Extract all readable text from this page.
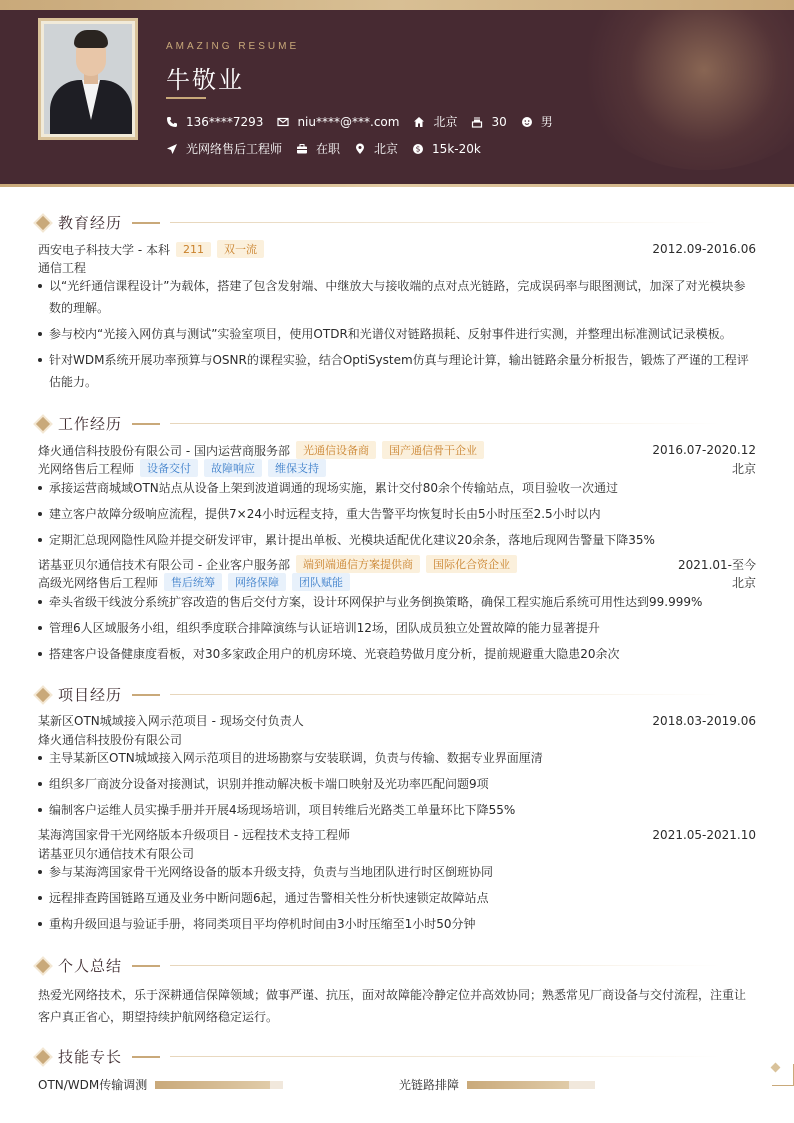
AMAZING RESUME
牛敬业
136****7293	niu****@***.com	北京	30	男
光网络售后工程师	在职	北京 $ 15k-20k
教育经历
西安电子科技大学 - 本科	211	双一流	2012.09-2016.06
通信工程
以“光纤通信课程设计”为载体，搭建了包含发射端、中继放大与接收端的点对点光链路，完成误码率与眼图测试，加深了对光模块参数的理解。
参与校内“光接入网仿真与测试”实验室项目，使用OTDR和光谱仪对链路损耗、反射事件进行实测，并整理出标准测试记录模板。
针对WDM系统开展功率预算与OSNR的课程实验，结合OptiSystem仿真与理论计算，输出链路余量分析报告，锻炼了严谨的工程评估能力。
工作经历
烽火通信科技股份有限公司 - 国内运营商服务部	光通信设备商	国产通信骨干企业	2016.07-2020.12
光网络售后工程师	设备交付	故障响应	维保支持	北京
承接运营商城域OTN站点从设备上架到波道调通的现场实施，累计交付80余个传输站点，项目验收一次通过
建立客户故障分级响应流程，提供7×24小时远程支持，重大告警平均恢复时长由5小时压至2.5小时以内
定期汇总现网隐性风险并提交研发评审，累计提出单板、光模块适配优化建议20余条，落地后现网告警量下降35%
诺基亚贝尔通信技术有限公司 - 企业客户服务部	端到端通信方案提供商	国际化合资企业	2021.01-至今
高级光网络售后工程师	售后统筹	网络保障	团队赋能	北京
牵头省级干线波分系统扩容改造的售后交付方案，设计环网保护与业务倒换策略，确保工程实施后系统可用性达到99.999%
管理6人区域服务小组，组织季度联合排障演练与认证培训12场，团队成员独立处置故障的能力显著提升
搭建客户设备健康度看板，对30多家政企用户的机房环境、光衰趋势做月度分析，提前规避重大隐患20余次
项目经历
某新区OTN城域接入网示范项目 - 现场交付负责人	2018.03-2019.06
烽火通信科技股份有限公司
主导某新区OTN城域接入网示范项目的进场勘察与安装联调，负责与传输、数据专业界面厘清
组织多厂商波分设备对接测试，识别并推动解决板卡端口映射及光功率匹配问题9项
编制客户运维人员实操手册并开展4场现场培训，项目转维后光路类工单量环比下降55%
某海湾国家骨干光网络版本升级项目 - 远程技术支持工程师	2021.05-2021.10
诺基亚贝尔通信技术有限公司
参与某海湾国家骨干光网络设备的版本升级支持，负责与当地团队进行时区倒班协同
远程排查跨国链路互通及业务中断问题6起，通过告警相关性分析快速锁定故障站点
重构升级回退与验证手册，将同类项目平均停机时间由3小时压缩至1小时50分钟
个人总结
热爱光网络技术，乐于深耕通信保障领域；做事严谨、抗压，面对故障能冷静定位并高效协同；熟悉常见厂商设备与交付流程，注重让客户真正省心，期望持续护航网络稳定运行。
技能专长
OTN/WDM传输调测	光链路排障
